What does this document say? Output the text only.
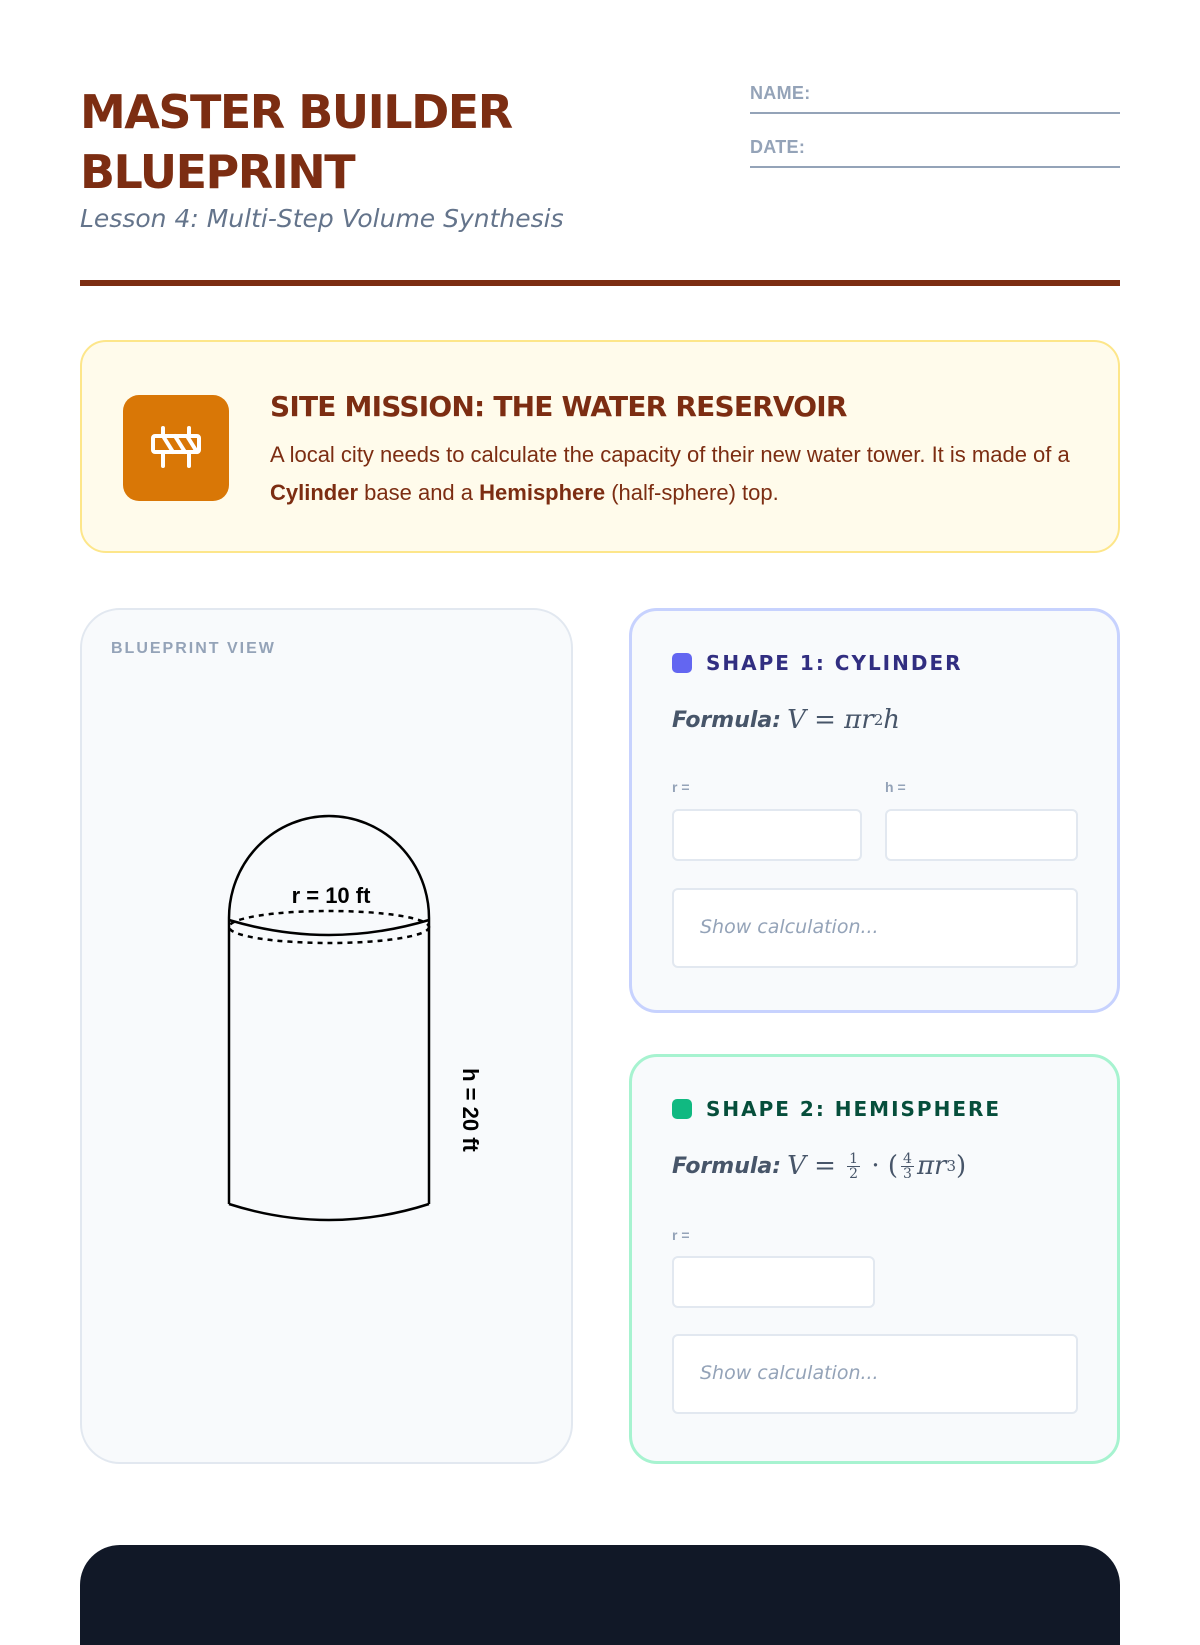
MASTER BUILDER BLUEPRINT
Lesson 4: Multi-Step Volume Synthesis
NAME:
DATE:
SITE MISSION: THE WATER RESERVOIR
A local city needs to calculate the capacity of their new water tower. It is made of a Cylinder base and a Hemisphere (half-sphere) top.
BLUEPRINT VIEW
r = 10 ft
h = 20 ft
SHAPE 1: CYLINDER
Formula: V = πr 2 h
r =	h =
Show calculation...
SHAPE 2: HEMISPHERE
Formula: $V = \frac{1}{2}$ · ( $\frac{4}{3}$ πr 3 )
r =
Show calculation...
